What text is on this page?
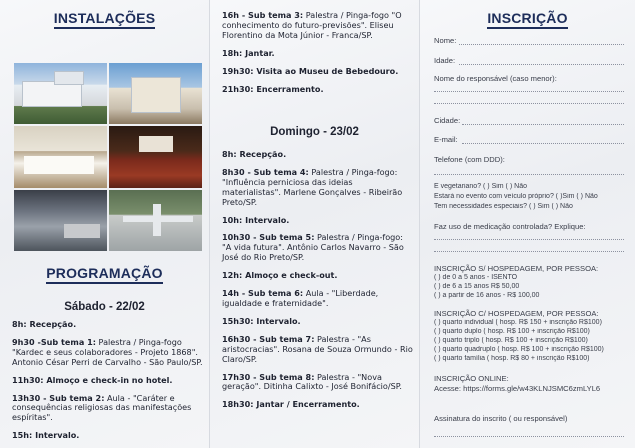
INSTALAÇÕES
PROGRAMAÇÃO
Sábado - 22/02
8h: Recepção.
9h30 -Sub tema 1: Palestra / Pinga-fogo "Kardec e seus colaboradores - Projeto 1868". Antonio César Perri de Carvalho - São Paulo/SP.
11h30: Almoço e check-in no hotel.
13h30 - Sub tema 2: Aula - "Caráter e consequências religiosas das manifestações espíritas".
15h: Intervalo.
16h - Sub tema 3: Palestra / Pinga-fogo "O conhecimento do futuro-previsões". Eliseu Florentino da Mota Júnior - Franca/SP.
18h: Jantar.
19h30: Visita ao Museu de Bebedouro.
21h30: Encerramento.
Domingo - 23/02
8h: Recepção.
8h30 - Sub tema 4: Palestra / Pinga-fogo: "Influência perniciosa das ideias materialistas". Marlene Gonçalves - Ribeirão Preto/SP.
10h: Intervalo.
10h30 - Sub tema 5: Palestra / Pinga-fogo: "A vida futura". Antônio Carlos Navarro - São José do Rio Preto/SP.
12h: Almoço e check-out.
14h - Sub tema 6: Aula - "Liberdade, igualdade e fraternidade".
15h30: Intervalo.
16h30 - Sub tema 7: Palestra - "As aristocracias". Rosana de Souza Ormundo - Rio Claro/SP.
17h30 - Sub tema 8: Palestra - "Nova geração". Ditinha Calixto - José Bonifácio/SP.
18h30: Jantar / Encerramento.
INSCRIÇÃO
Nome:
Idade:
Nome do responsável (caso menor):
Cidade:
E-mail:
Telefone (com DDD):
É vegetariano? ( ) Sim ( ) Não
Estará no evento com veículo próprio? ( )Sim ( ) Não
Tem necessidades especiais? ( ) Sim ( ) Não
Faz uso de medicação controlada? Explique:
INSCRIÇÃO S/ HOSPEDAGEM, POR PESSOA:
( ) de 0 a 5 anos - ISENTO
( ) de 6 a 15 anos R$ 50,00
( ) a partir de 16 anos - R$ 100,00
INSCRIÇÃO C/ HOSPEDAGEM, POR PESSOA:
( ) quarto individual ( hosp. R$ 150 + inscrição R$100)
( ) quarto duplo ( hosp. R$ 100 + inscrição R$100)
( ) quarto triplo ( hosp. R$ 100 + inscrição R$100)
( ) quarto quadruplo ( hosp. R$ 100 + inscrição R$100)
( ) quarto família ( hosp. R$ 80 + inscrição R$100)
INSCRIÇÃO ONLINE:
Acesse: https://forms.gle/w43KLNJSMC6zmLYL6
Assinatura do inscrito ( ou responsável)
